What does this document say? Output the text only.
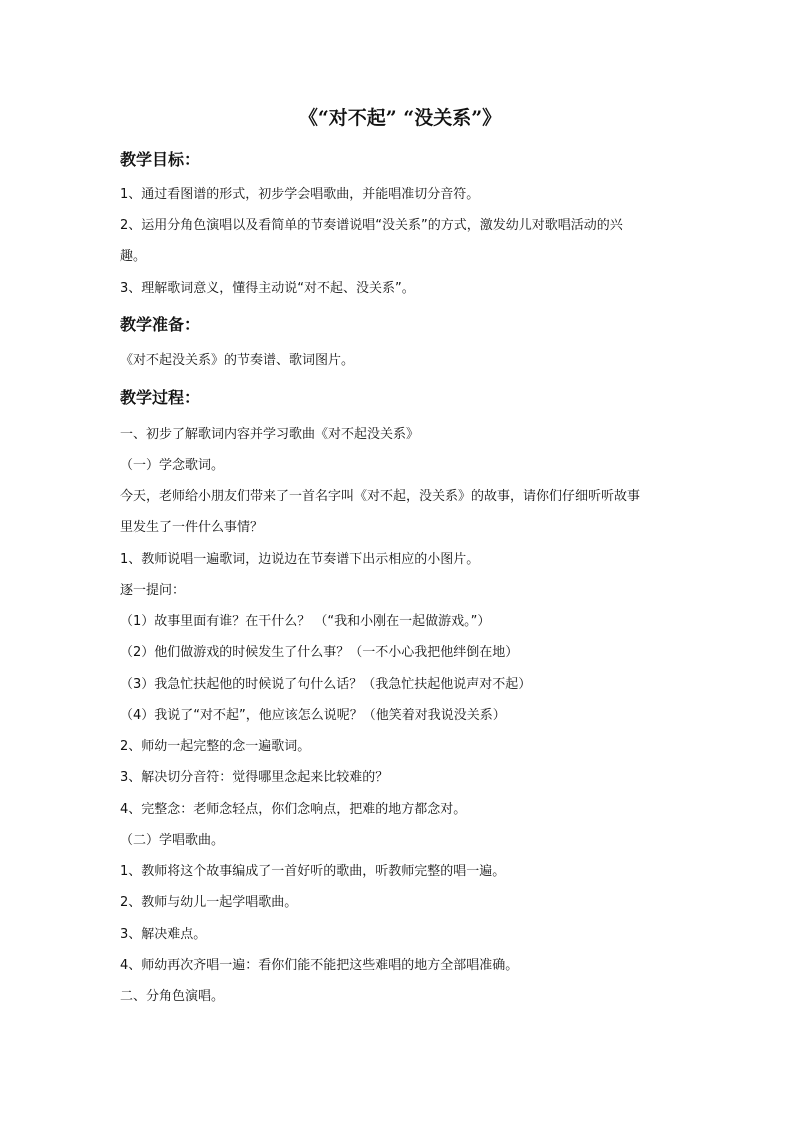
《“对不起” “没关系”》
教学目标：
1、通过看图谱的形式，初步学会唱歌曲，并能唱准切分音符。
2、运用分角色演唱以及看简单的节奏谱说唱“没关系”的方式，激发幼儿对歌唱活动的兴
趣。
3、理解歌词意义，懂得主动说“对不起、没关系”。
教学准备：
《对不起没关系》的节奏谱、歌词图片。
教学过程：
一、初步了解歌词内容并学习歌曲《对不起没关系》
（一）学念歌词。
今天，老师给小朋友们带来了一首名字叫《对不起，没关系》的故事，请你们仔细听听故事
里发生了一件什么事情？
1、教师说唱一遍歌词，边说边在节奏谱下出示相应的小图片。
逐一提问：
（1）故事里面有谁？在干什么？ （“我和小刚在一起做游戏。”）
（2）他们做游戏的时候发生了什么事？（一不小心我把他绊倒在地）
（3）我急忙扶起他的时候说了句什么话？（我急忙扶起他说声对不起）
（4）我说了“对不起”，他应该怎么说呢？（他笑着对我说没关系）
2、师幼一起完整的念一遍歌词。
3、解决切分音符：觉得哪里念起来比较难的？
4、完整念：老师念轻点，你们念响点，把难的地方都念对。
（二）学唱歌曲。
1、教师将这个故事编成了一首好听的歌曲，听教师完整的唱一遍。
2、教师与幼儿一起学唱歌曲。
3、解决难点。
4、师幼再次齐唱一遍：看你们能不能把这些难唱的地方全部唱准确。
二、分角色演唱。
